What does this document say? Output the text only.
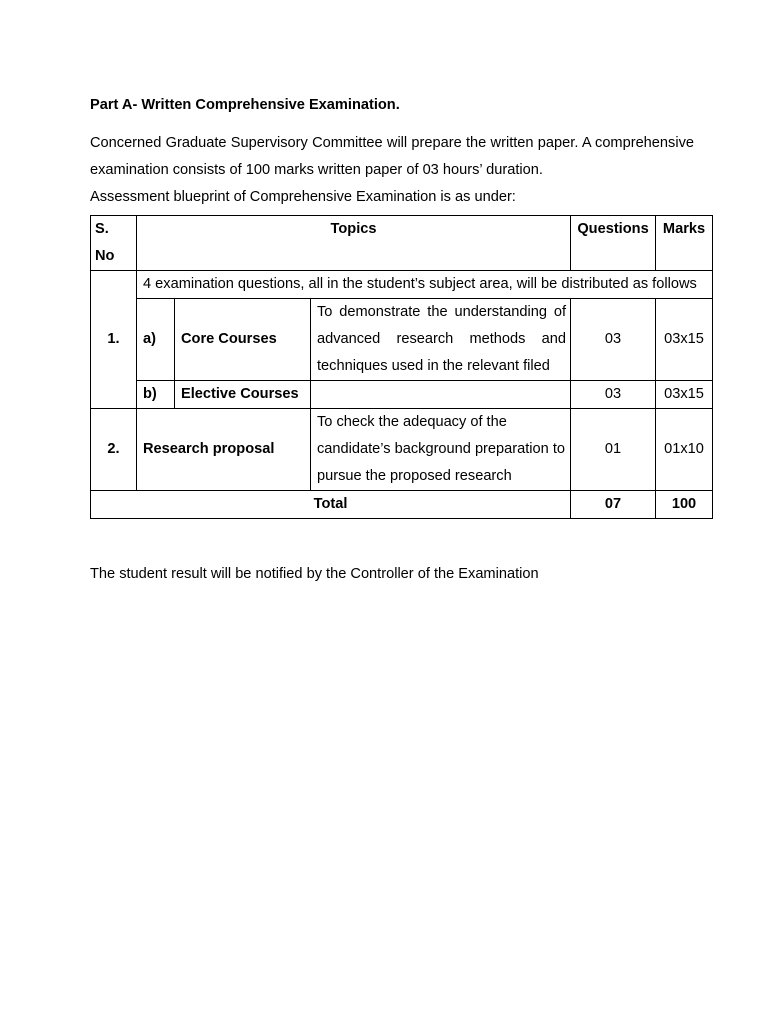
Part A- Written Comprehensive Examination.
Concerned Graduate Supervisory Committee will prepare the written paper. A comprehensive examination consists of 100 marks written paper of 03 hours’ duration.
Assessment blueprint of Comprehensive Examination is as under:
S. No	Topics			Questions	Marks
1.	4 examination questions, all in the student’s subject area, will be distributed as follows				
	a)	Core Courses	To demonstrate the understanding of advanced research methods and techniques used in the relevant filed	03	03x15
	b)	Elective Courses		03	03x15
2.	Research proposal		To check the adequacy of the candidate’s background preparation to pursue the proposed research	01	01x10
Total				07	100
The student result will be notified by the Controller of the Examination
